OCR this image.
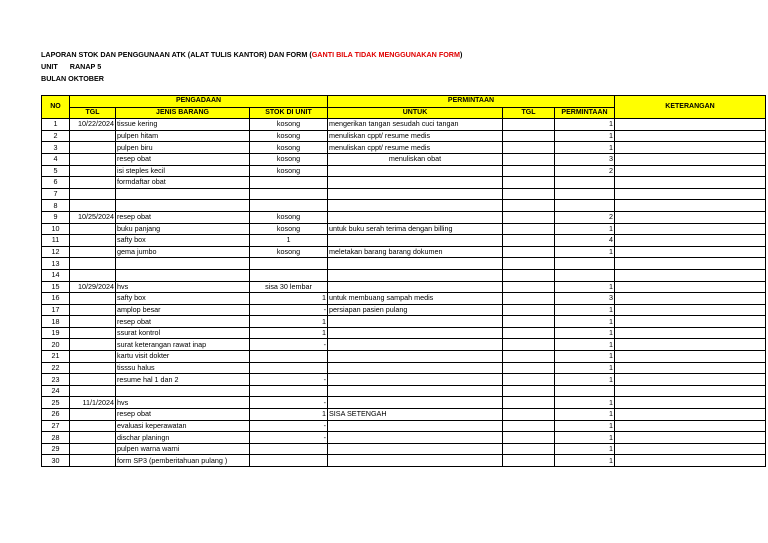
LAPORAN STOK DAN PENGGUNAAN ATK (ALAT TULIS KANTOR) DAN FORM (GANTI BILA TIDAK MENGGUNAKAN FORM)
UNIT RANAP 5
BULAN OKTOBER
NO	PENGADAAN			PERMINTAAN			KETERANGAN
	TGL	JENIS BARANG	STOK DI UNIT	UNTUK	TGL	PERMINTAAN	
1	10/22/2024	tissue kering	kosong	mengerikan tangan sesudah cuci tangan		1	
2		pulpen hitam	kosong	menuliskan cppt/ resume medis		1	
3		pulpen biru	kosong	menuliskan cppt/ resume medis		1	
4		resep obat	kosong	menuliskan obat		3	
5		isi steples kecil	kosong			2	
6		formdaftar obat					
7							
8							
9	10/25/2024	resep obat	kosong			2	
10		buku panjang	kosong	untuk buku serah terima dengan billing		1	
11		safty box	1			4	
12		gema jumbo	kosong	meletakan barang barang dokumen		1	
13							
14							
15	10/29/2024	hvs	sisa 30 lembar			1	
16		safty box	1	untuk membuang sampah medis		3	
17		amplop besar	-	persiapan pasien pulang		1	
18		resep obat	1			1	
19		ssurat kontrol	1			1	
20		surat keterangan rawat inap	-			1	
21		kartu visit dokter				1	
22		tisssu halus				1	
23		resume hal 1 dan 2	-			1	
24							
25	11/1/2024	hvs	-			1	
26		resep obat	1	SISA SETENGAH		1	
27		evaluasi keperawatan	-			1	
28		dischar planingn	-			1	
29		pulpen warna warni				1	
30		form SP3 (pemberitahuan pulang )				1	
